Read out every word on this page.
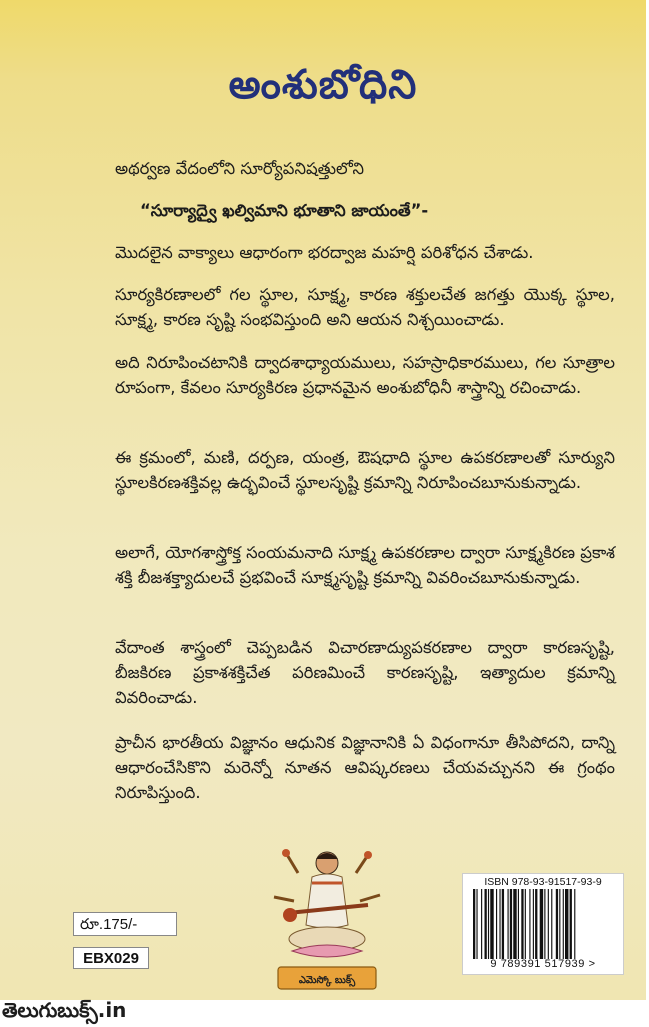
అంశుబోధిని

అథర్వణ వేదంలోని సూర్యోపనిషత్తులోని

“సూర్యాద్వై ఖల్విమాని భూతాని జాయంతే”-

మొదలైన వాక్యాలు ఆధారంగా భరద్వాజ మహర్షి పరిశోధన చేశాడు.

సూర్యకిరణాలలో గల స్థూల, సూక్ష్మ, కారణ శక్తులచేత జగత్తు యొక్క స్థూల, సూక్ష్మ, కారణ సృష్టి సంభవిస్తుంది అని ఆయన నిశ్చయించాడు.

అది నిరూపించటానికి ద్వాదశాధ్యాయములు, సహస్రాధికారములు, గల సూత్రాల రూపంగా, కేవలం సూర్యకిరణ ప్రధానమైన అంశుబోధినీ శాస్త్రాన్ని రచించాడు.

ఈ క్రమంలో, మణి, దర్పణ, యంత్ర, ఔషధాది స్థూల ఉపకరణాలతో సూర్యుని స్థూలకిరణశక్తివల్ల ఉద్భవించే స్థూలసృష్టి క్రమాన్ని నిరూపించబూనుకున్నాడు.

అలాగే, యోగశాస్త్రోక్త సంయమనాది సూక్ష్మ ఉపకరణాల ద్వారా సూక్ష్మకిరణ ప్రకాశ శక్తి బీజశక్త్యాదులచే ప్రభవించే సూక్ష్మసృష్టి క్రమాన్ని వివరించబూనుకున్నాడు.

వేదాంత శాస్త్రంలో చెప్పబడిన విచారణాద్యుపకరణాల ద్వారా కారణసృష్టి, బీజకిరణ ప్రకాశశక్తిచేత పరిణమించే కారణసృష్టి, ఇత్యాదుల క్రమాన్ని వివరించాడు.

ప్రాచీన భారతీయ విజ్ఞానం ఆధునిక విజ్ఞానానికి ఏ విధంగానూ తీసిపోదని, దాన్ని ఆధారంచేసికొని మరెన్నో నూతన ఆవిష్కరణలు చేయవచ్చునని ఈ గ్రంథం నిరూపిస్తుంది.

ఎమెస్కో బుక్స్
ISBN 978-93-91517-93-9
9 789391 517939 >
రూ.175/-
EBX029
తెలుగుబుక్స్.in
